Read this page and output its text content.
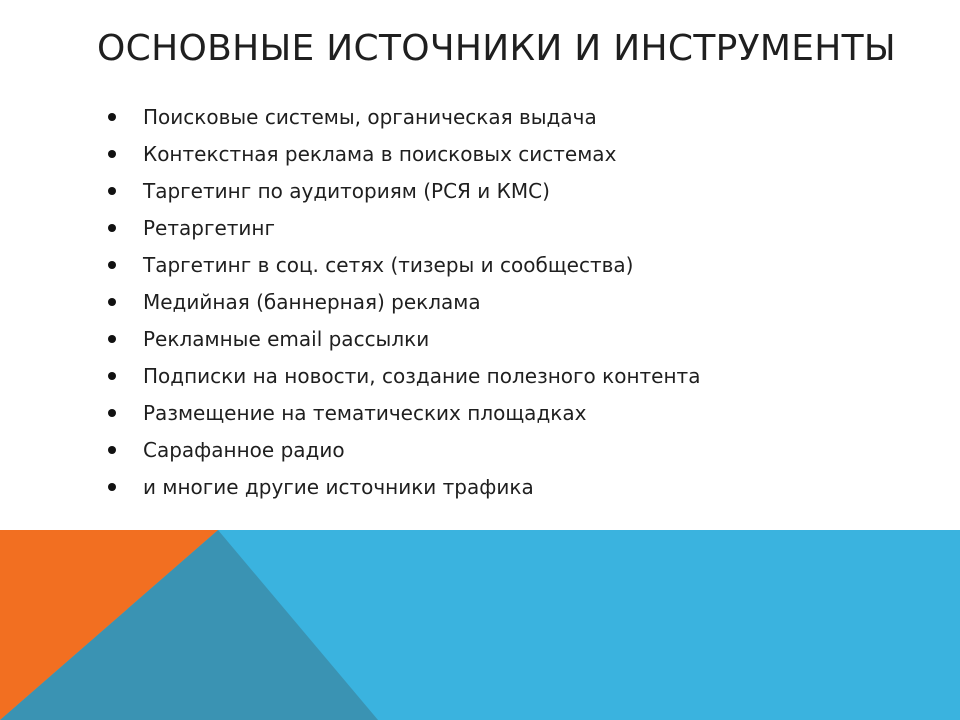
ОСНОВНЫЕ ИСТОЧНИКИ И ИНСТРУМЕНТЫ
Поисковые системы, органическая выдача
Контекстная реклама в поисковых системах
Таргетинг по аудиториям (РСЯ и КМС)
Ретаргетинг
Таргетинг в соц. сетях (тизеры и сообщества)
Медийная (баннерная) реклама
Рекламные email рассылки
Подписки на новости, создание полезного контента
Размещение на тематических площадках
Сарафанное радио
и многие другие источники трафика
